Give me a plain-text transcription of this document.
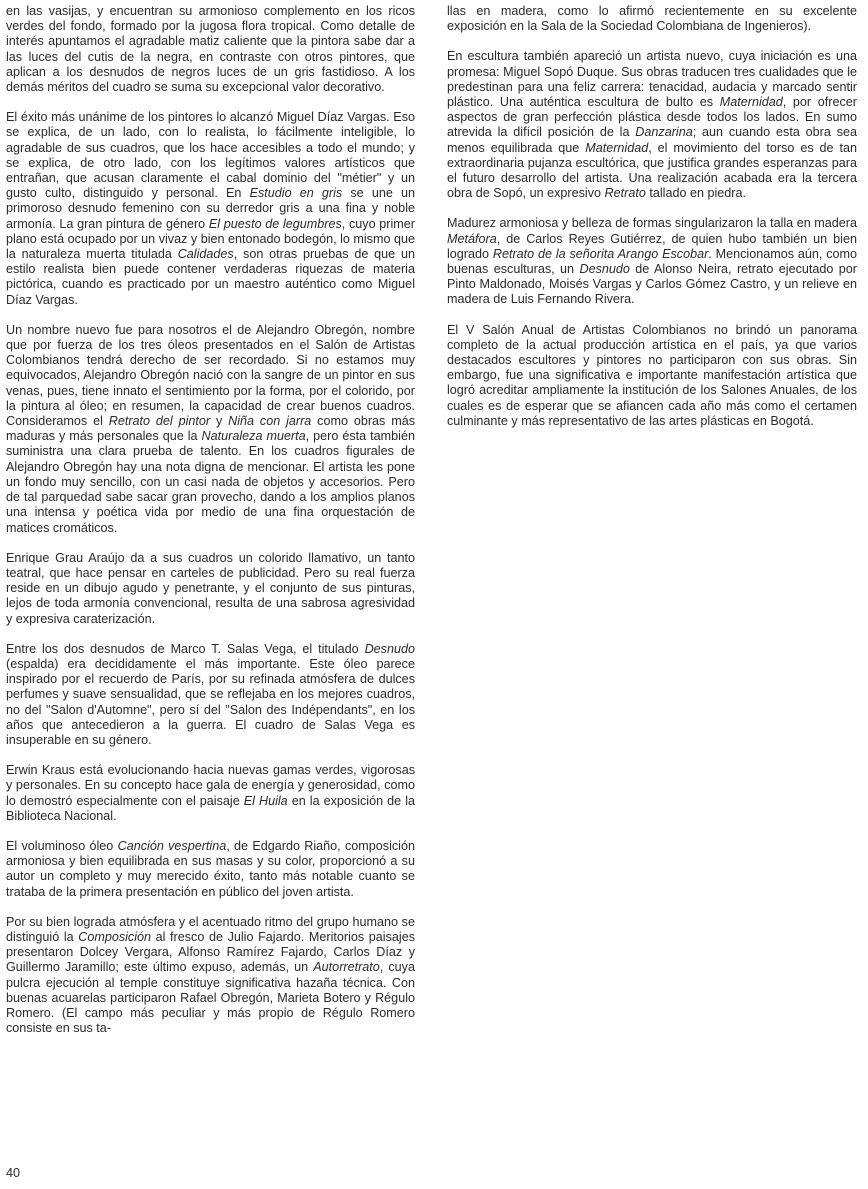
en las vasijas, y encuentran su armonioso complemento en los ricos verdes del fondo, formado por la jugosa flora tropical. Como detalle de interés apuntamos el agradable matiz caliente que la pintora sabe dar a las luces del cutis de la negra, en contraste con otros pintores, que aplican a los desnudos de negros luces de un gris fastidioso. A los demás méritos del cuadro se suma su excepcional valor decorativo.

El éxito más unánime de los pintores lo alcanzó Miguel Díaz Vargas. Eso se explica, de un lado, con lo realista, lo fácilmente inteligible, lo agradable de sus cuadros, que los hace accesibles a todo el mundo; y se explica, de otro lado, con los legítimos valores artísticos que entrañan, que acusan claramente el cabal dominio del "métier" y un gusto culto, distinguido y personal. En Estudio en gris se une un primoroso desnudo femenino con su derredor gris a una fina y noble armonía. La gran pintura de género El puesto de legumbres, cuyo primer plano está ocupado por un vivaz y bien entonado bodegón, lo mismo que la naturaleza muerta titulada Calidades, son otras pruebas de que un estilo realista bien puede contener verdaderas riquezas de materia pictórica, cuando es practicado por un maestro auténtico como Miguel Díaz Vargas.

Un nombre nuevo fue para nosotros el de Alejandro Obregón, nombre que por fuerza de los tres óleos presentados en el Salón de Artistas Colombianos tendrá derecho de ser recordado. Si no estamos muy equivocados, Alejandro Obregón nació con la sangre de un pintor en sus venas, pues, tiene innato el sentimiento por la forma, por el colorido, por la pintura al óleo; en resumen, la capacidad de crear buenos cuadros. Consideramos el Retrato del pintor y Niña con jarra como obras más maduras y más personales que la Naturaleza muerta, pero ésta también suministra una clara prueba de talento. En los cuadros figurales de Alejandro Obregón hay una nota digna de mencionar. El artista les pone un fondo muy sencillo, con un casi nada de objetos y accesorios. Pero de tal parquedad sabe sacar gran provecho, dando a los amplios planos una intensa y poética vida por medio de una fina orquestación de matices cromáticos.

Enrique Grau Araújo da a sus cuadros un colorido llamativo, un tanto teatral, que hace pensar en carteles de publicidad. Pero su real fuerza reside en un dibujo agudo y penetrante, y el conjunto de sus pinturas, lejos de toda armonía convencional, resulta de una sabrosa agresividad y expresiva caraterización.

Entre los dos desnudos de Marco T. Salas Vega, el titulado Desnudo (espalda) era decididamente el más importante. Este óleo parece inspirado por el recuerdo de París, por su refinada atmósfera de dulces perfumes y suave sensualidad, que se reflejaba en los mejores cuadros, no del "Salon d'Automne", pero sí del "Salon des Indépendants", en los años que antecedieron a la guerra. El cuadro de Salas Vega es insuperable en su género.

Erwin Kraus está evolucionando hacia nuevas gamas verdes, vigorosas y personales. En su concepto hace gala de energía y generosidad, como lo demostró especialmente con el paisaje El Huila en la exposición de la Biblioteca Nacional.

El voluminoso óleo Canción vespertina, de Edgardo Riaño, composición armoniosa y bien equilibrada en sus masas y su color, proporcionó a su autor un completo y muy merecido éxito, tanto más notable cuanto se trataba de la primera presentación en público del joven artista.

Por su bien lograda atmósfera y el acentuado ritmo del grupo humano se distinguió la Composición al fresco de Julio Fajardo. Meritorios paisajes presentaron Dolcey Vergara, Alfonso Ramírez Fajardo, Carlos Díaz y Guillermo Jaramillo; este último expuso, además, un Autorretrato, cuya pulcra ejecución al temple constituye significativa hazaña técnica. Con buenas acuarelas participaron Rafael Obregón, Marieta Botero y Régulo Romero. (El campo más peculiar y más propio de Régulo Romero consiste en sus ta-

llas en madera, como lo afirmó recientemente en su excelente exposición en la Sala de la Sociedad Colombiana de Ingenieros).

En escultura también apareció un artista nuevo, cuya iniciación es una promesa: Miguel Sopó Duque. Sus obras traducen tres cualidades que le predestinan para una feliz carrera: tenacidad, audacia y marcado sentir plástico. Una auténtica escultura de bulto es Maternidad, por ofrecer aspectos de gran perfección plástica desde todos los lados. En sumo atrevida la difícil posición de la Danzarina; aun cuando esta obra sea menos equilibrada que Maternidad, el movimiento del torso es de tan extraordinaria pujanza escultórica, que justifica grandes esperanzas para el futuro desarrollo del artista. Una realización acabada era la tercera obra de Sopó, un expresivo Retrato tallado en piedra.

Madurez armoniosa y belleza de formas singularizaron la talla en madera Metáfora, de Carlos Reyes Gutiérrez, de quien hubo también un bien logrado Retrato de la señorita Arango Escobar. Mencionamos aún, como buenas esculturas, un Desnudo de Alonso Neira, retrato ejecutado por Pinto Maldonado, Moisés Vargas y Carlos Gómez Castro, y un relieve en madera de Luis Fernando Rivera.

El V Salón Anual de Artistas Colombianos no brindó un panorama completo de la actual producción artística en el país, ya que varios destacados escultores y pintores no participaron con sus obras. Sin embargo, fue una significativa e importante manifestación artística que logró acreditar ampliamente la institución de los Salones Anuales, de los cuales es de esperar que se afiancen cada año más como el certamen culminante y más representativo de las artes plásticas en Bogotá.

40
